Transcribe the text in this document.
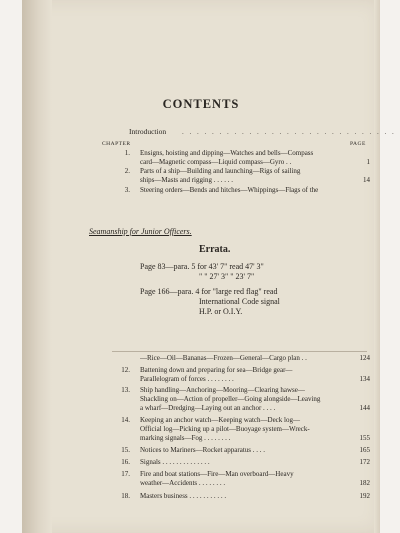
CONTENTS
Introduction . . . . . . . . . . . . . . . . . . . . . . . . . . . . .
CHAPTER	PAGE
1. Ensigns, hoisting and dipping—Watches and bells—Compass
card—Magnetic compass—Liquid compass—Gyro . .	1
2. Parts of a ship—Building and launching—Rigs of sailing
ships—Masts and rigging . . . . . .	14
3. Steering orders—Bends and hitches—Whippings—Flags of the
Seamanship for Junior Officers.
Errata.
Page 83—para. 5 for 43' 7" read 47' 3"
" " 27' 3" " 23' 7"
Page 166—para. 4 for "large red flag" read
International Code signal
H.P. or O.I.Y.
—Rice—Oil—Bananas—Frozen—General—Cargo plan . .	124
12. Battening down and preparing for sea—Bridge gear—
Parallelogram of forces . . . . . . . .	134
13. Ship handling—Anchoring—Mooring—Clearing hawse—
Shackling on—Action of propeller—Going alongside—Leaving
a wharf—Dredging—Laying out an anchor . . . .	144
14. Keeping an anchor watch—Keeping watch—Deck log—
Official log—Picking up a pilot—Buoyage system—Wreck-
marking signals—Fog . . . . . . . .	155
15. Notices to Mariners—Rocket apparatus . . . .	165
16. Signals . . . . . . . . . . . . . .	172
17. Fire and boat stations—Fire—Man overboard—Heavy
weather—Accidents . . . . . . . .	182
18. Masters business . . . . . . . . . . .	192
